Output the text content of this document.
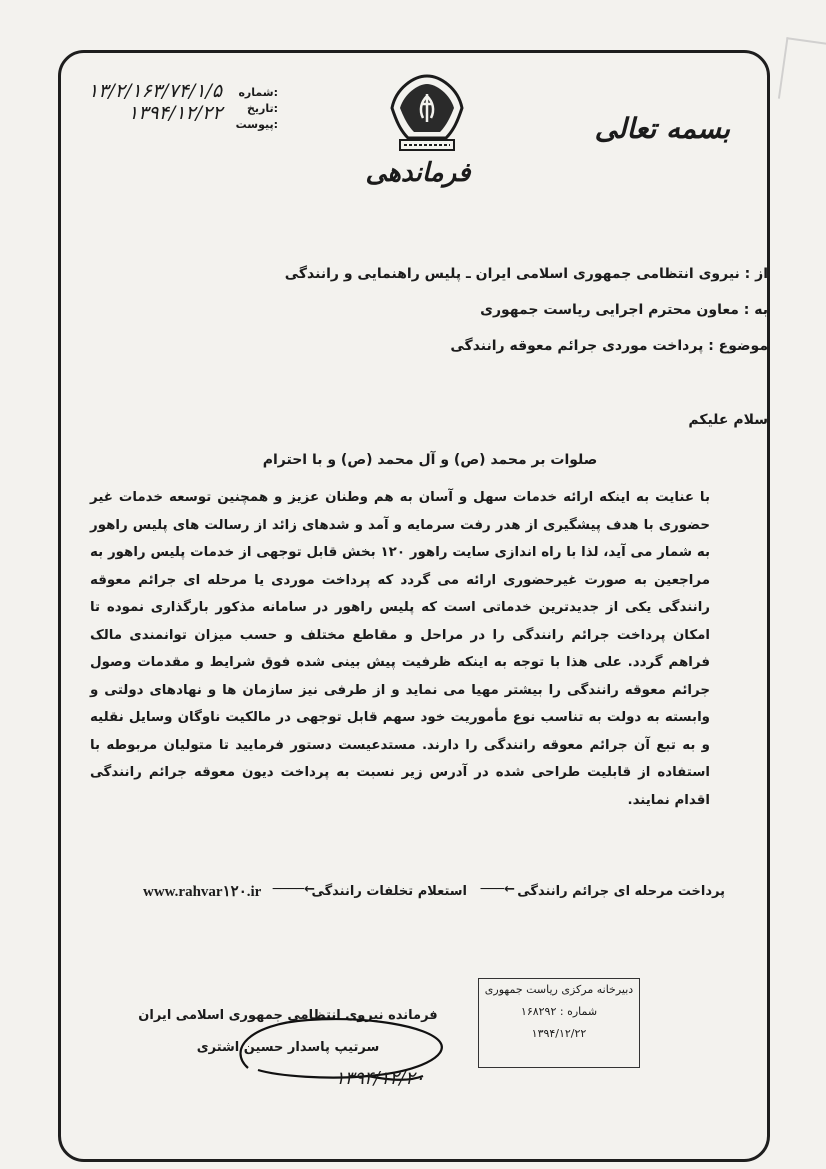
شماره:
تاریخ:
پیوست:
۱۳/۲/۱۶۳/۷۴/۱/۵
۱۳۹۴/۱۲/۲۲	بسمه تعالی
فرماندهی
از : نیروی انتظامی جمهوری اسلامی ایران ـ پلیس راهنمایی و رانندگی
به : معاون محترم اجرایی ریاست جمهوری
موضوع : پرداخت موردی جرائم معوقه رانندگی
سلام علیکم
صلوات بر محمد (ص) و آل محمد (ص) و با احترام
با عنایت به اینکه ارائه خدمات سهل و آسان به هم وطنان عزیز و همچنین توسعه خدمات غیر حضوری با هدف پیشگیری از هدر رفت سرمایه و آمد و شدهای زائد از رسالت های پلیس راهور به شمار می آید، لذا با راه اندازی سایت راهور ۱۲۰ بخش قابل توجهی از خدمات پلیس راهور به مراجعین به صورت غیرحضوری ارائه می گردد که پرداخت موردی یا مرحله ای جرائم معوقه رانندگی یکی از جدیدترین خدماتی است که پلیس راهور در سامانه مذکور بارگذاری نموده تا امکان پرداخت جرائم رانندگی را در مراحل و مقاطع مختلف و حسب میزان توانمندی مالک فراهم گردد. علی هذا با توجه به اینکه ظرفیت پیش بینی شده فوق شرایط و مقدمات وصول جرائم معوقه رانندگی را بیشتر مهیا می نماید و از طرفی نیز سازمان ها و نهادهای دولتی و وابسته به دولت به تناسب نوع مأموریت خود سهم قابل توجهی در مالکیت ناوگان وسایل نقلیه و به تبع آن جرائم معوقه رانندگی را دارند. مستدعیست دستور فرمایید تا متولیان مربوطه با استفاده از قابلیت طراحی شده در آدرس زیر نسبت به پرداخت دیون معوقه جرائم رانندگی اقدام نمایند.
پرداخت مرحله ای جرائم رانندگی
←───
استعلام تخلفات رانندگی
←────
www.rahvar۱۲۰.ir
دبیرخانه مرکزی ریاست جمهوری
شماره : ۱۶۸۲۹۲
۱۳۹۴/۱۲/۲۲
فرمانده نیروی انتظامی جمهوری اسلامی ایران
سرتیپ پاسدار حسین اشتری
۱۳۹۴/۱۲/۲۰
